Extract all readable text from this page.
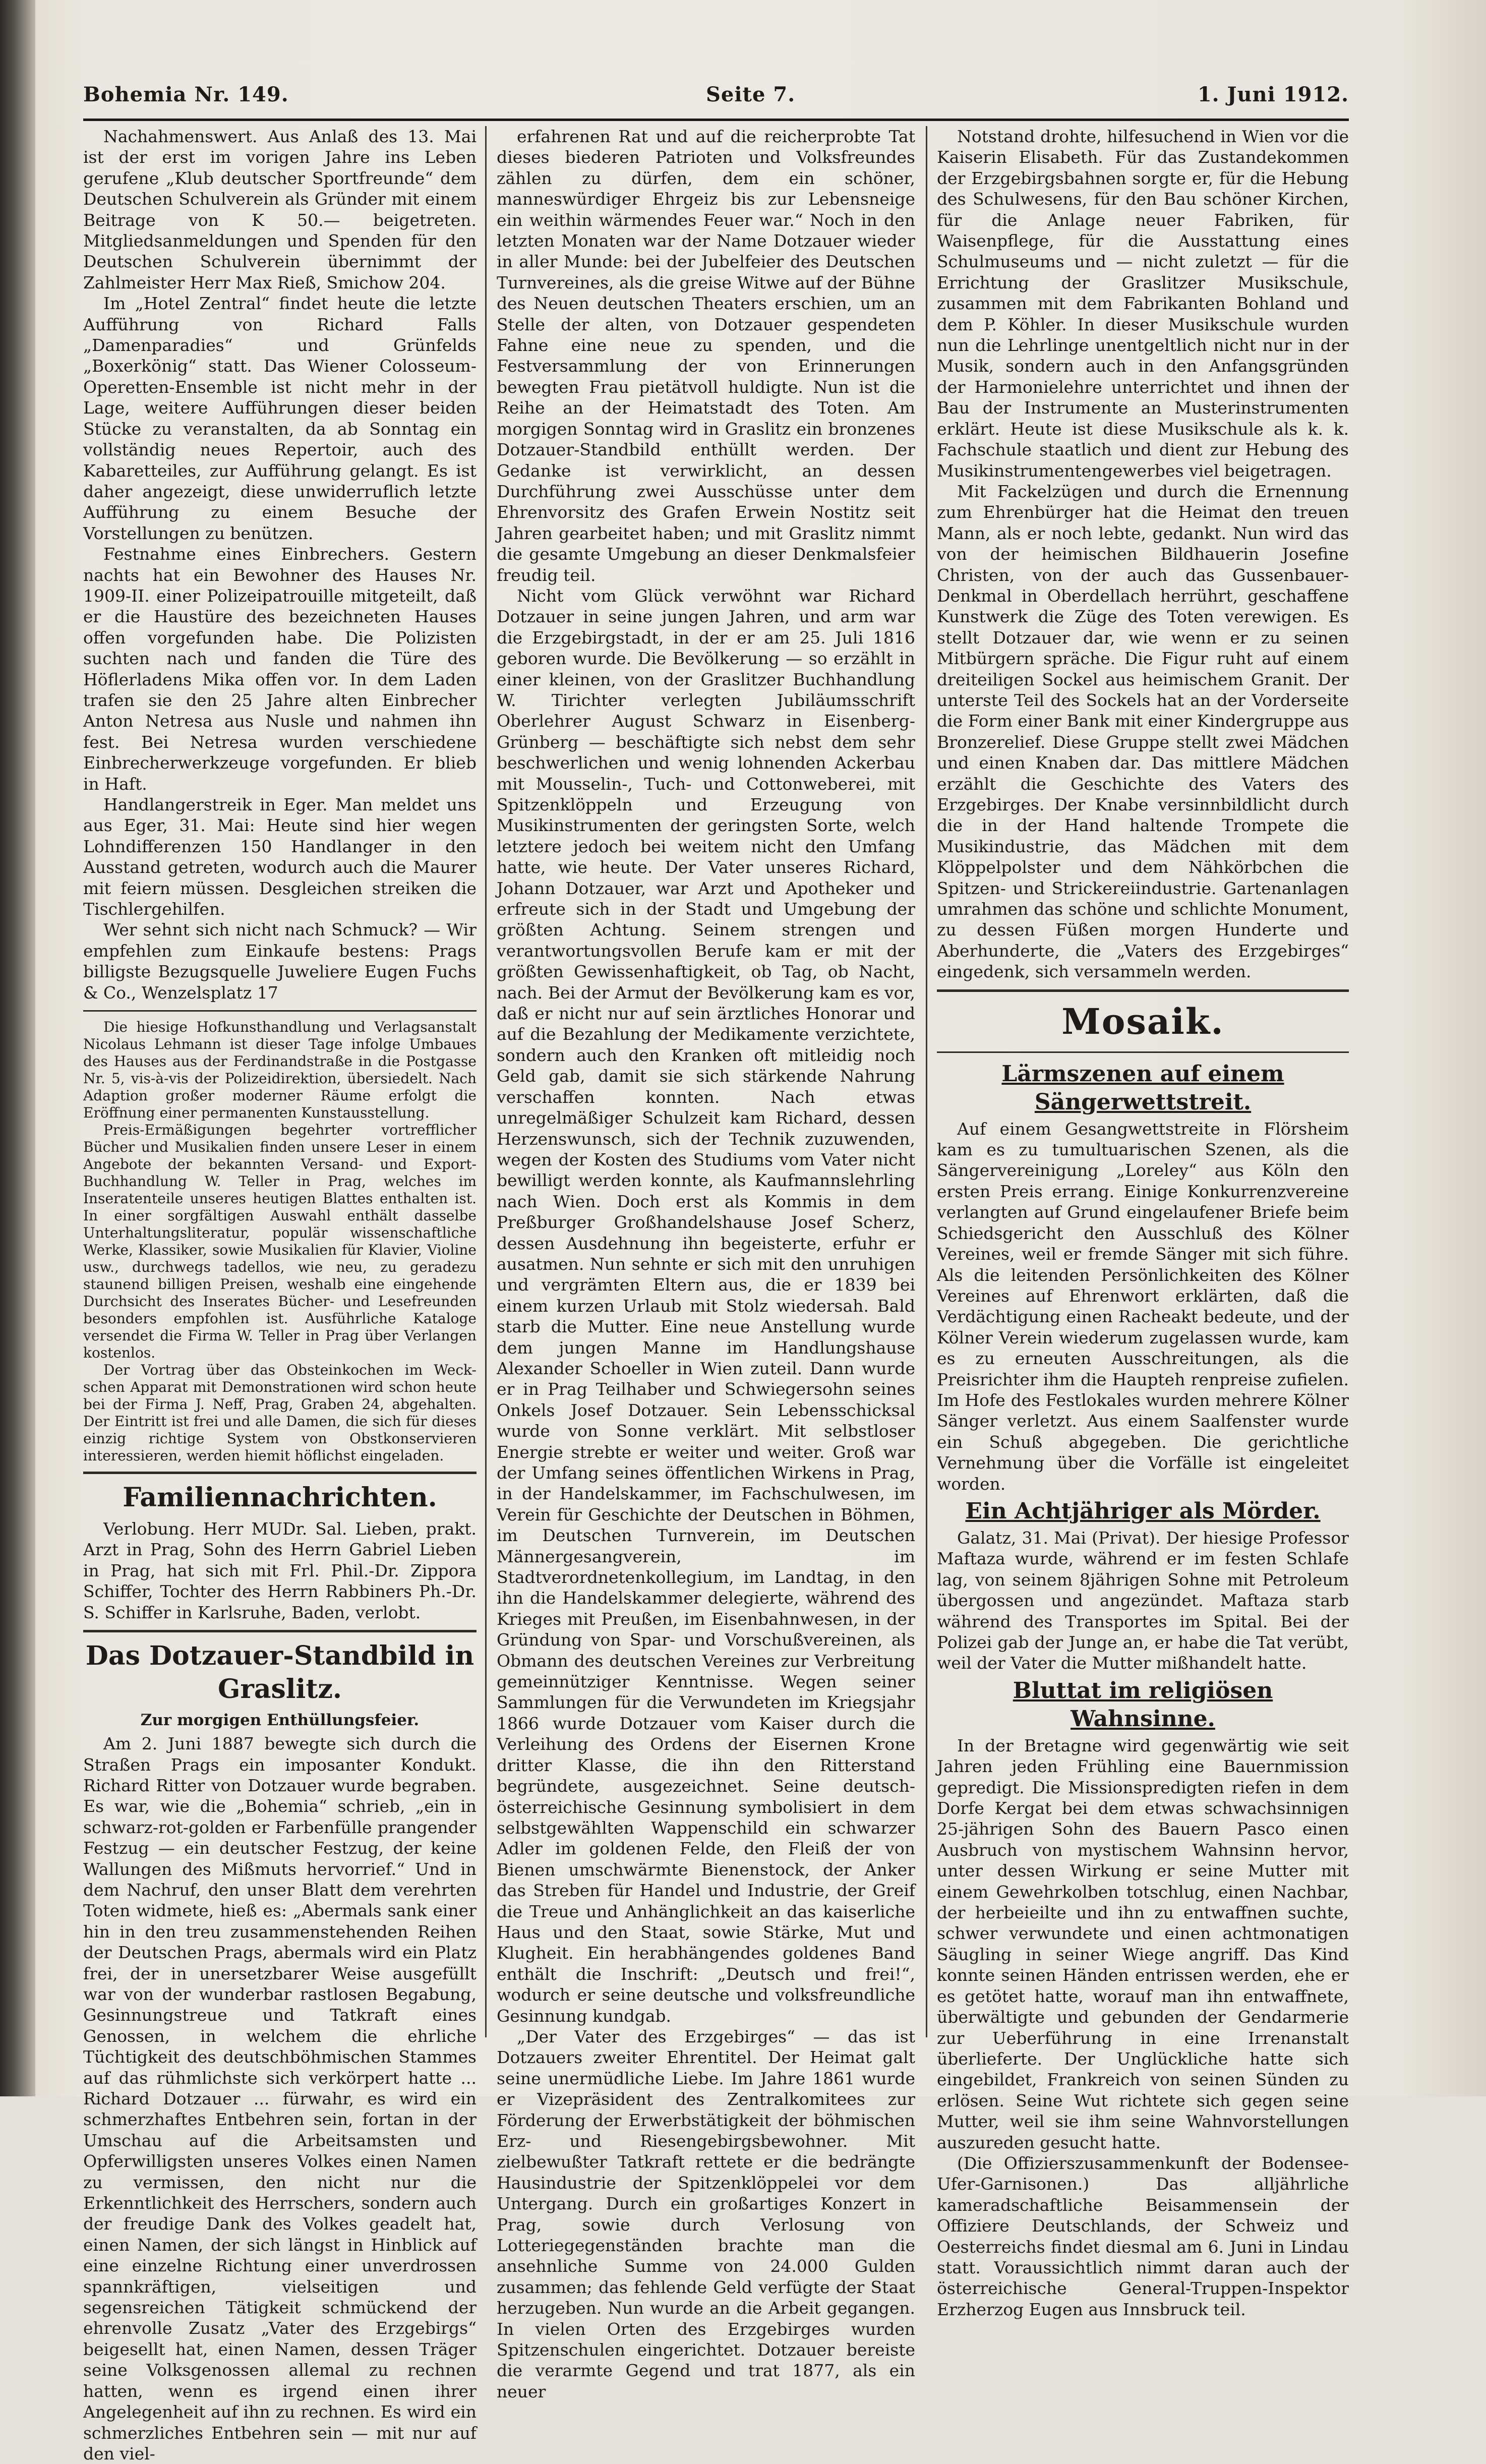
Bohemia Nr. 149.	Seite 7.	1. Juni 1912.

Nachahmenswert. Aus Anlaß des 13. Mai ist der erst im vorigen Jahre ins Leben gerufene „Klub deutscher Sportfreunde“ dem Deutschen Schulverein als Gründer mit einem Beitrage von K 50.— beigetreten. Mitgliedsanmeldungen und Spenden für den Deutschen Schulverein übernimmt der Zahlmeister Herr Max Rieß, Smichow 204.

Im „Hotel Zentral“ findet heute die letzte Aufführung von Richard Falls „Damenparadies“ und Grünfelds „Boxerkönig“ statt. Das Wiener Colosseum-Operetten-Ensemble ist nicht mehr in der Lage, weitere Aufführungen dieser beiden Stücke zu veranstalten, da ab Sonntag ein vollständig neues Repertoir, auch des Kabaretteiles, zur Aufführung gelangt. Es ist daher angezeigt, diese unwiderruflich letzte Aufführung zu einem Besuche der Vorstellungen zu benützen.

Festnahme eines Einbrechers. Gestern nachts hat ein Bewohner des Hauses Nr. 1909-II. einer Polizeipatrouille mitgeteilt, daß er die Haustüre des bezeichneten Hauses offen vorgefunden habe. Die Polizisten suchten nach und fanden die Türe des Höflerladens Mika offen vor. In dem Laden trafen sie den 25 Jahre alten Einbrecher Anton Netresa aus Nusle und nahmen ihn fest. Bei Netresa wurden verschiedene Einbrecherwerkzeuge vorgefunden. Er blieb in Haft.

Handlangerstreik in Eger. Man meldet uns aus Eger, 31. Mai: Heute sind hier wegen Lohndifferenzen 150 Handlanger in den Ausstand getreten, wodurch auch die Maurer mit feiern müssen. Desgleichen streiken die Tischlergehilfen.

Wer sehnt sich nicht nach Schmuck? — Wir empfehlen zum Einkaufe bestens: Prags billigste Bezugsquelle Juweliere Eugen Fuchs & Co., Wenzelsplatz 17

Die hiesige Hofkunsthandlung und Verlagsanstalt Nicolaus Lehmann ist dieser Tage infolge Umbaues des Hauses aus der Ferdinandstraße in die Postgasse Nr. 5, vis-à-vis der Polizeidirektion, übersiedelt. Nach Adaption großer moderner Räume erfolgt die Eröffnung einer permanenten Kunstausstellung.

Preis-Ermäßigungen begehrter vortrefflicher Bücher und Musikalien finden unsere Leser in einem Angebote der bekannten Versand- und Export-Buchhandlung W. Teller in Prag, welches im Inseratenteile unseres heutigen Blattes enthalten ist. In einer sorgfältigen Auswahl enthält dasselbe Unterhaltungsliteratur, populär wissenschaftliche Werke, Klassiker, sowie Musikalien für Klavier, Violine usw., durchwegs tadellos, wie neu, zu geradezu staunend billigen Preisen, weshalb eine eingehende Durchsicht des Inserates Bücher- und Lesefreunden besonders empfohlen ist. Ausführliche Kataloge versendet die Firma W. Teller in Prag über Verlangen kostenlos.

Der Vortrag über das Obsteinkochen im Weck-schen Apparat mit Demonstrationen wird schon heute bei der Firma J. Neff, Prag, Graben 24, abgehalten. Der Eintritt ist frei und alle Damen, die sich für dieses einzig richtige System von Obstkonservieren interessieren, werden hiemit höflichst eingeladen.

Familiennachrichten.

Verlobung. Herr MUDr. Sal. Lieben, prakt. Arzt in Prag, Sohn des Herrn Gabriel Lieben in Prag, hat sich mit Frl. Phil.-Dr. Zippora Schiffer, Tochter des Herrn Rabbiners Ph.-Dr. S. Schiffer in Karlsruhe, Baden, verlobt.

Das Dotzauer-Standbild in Graslitz.
Zur morgigen Enthüllungsfeier.

Am 2. Juni 1887 bewegte sich durch die Straßen Prags ein imposanter Kondukt. Richard Ritter von Dotzauer wurde begraben. Es war, wie die „Bohemia“ schrieb, „ein in schwarz-rot-golden er Farbenfülle prangender Festzug — ein deutscher Festzug, der keine Wallungen des Mißmuts hervorrief.“ Und in dem Nachruf, den unser Blatt dem verehrten Toten widmete, hieß es: „Abermals sank einer hin in den treu zusammenstehenden Reihen der Deutschen Prags, abermals wird ein Platz frei, der in unersetzbarer Weise ausgefüllt war von der wunderbar rastlosen Begabung, Gesinnungstreue und Tatkraft eines Genossen, in welchem die ehrliche Tüchtigkeit des deutschböhmischen Stammes auf das rühmlichste sich verkörpert hatte ... Richard Dotzauer ... fürwahr, es wird ein schmerzhaftes Entbehren sein, fortan in der Umschau auf die Arbeitsamsten und Opferwilligsten unseres Volkes einen Namen zu vermissen, den nicht nur die Erkenntlichkeit des Herrschers, sondern auch der freudige Dank des Volkes geadelt hat, einen Namen, der sich längst in Hinblick auf eine einzelne Richtung einer unverdrossen spannkräftigen, vielseitigen und segensreichen Tätigkeit schmückend der ehrenvolle Zusatz „Vater des Erzgebirgs“ beigesellt hat, einen Namen, dessen Träger seine Volksgenossen allemal zu rechnen hatten, wenn es irgend einen ihrer Angelegenheit auf ihn zu rechnen. Es wird ein schmerzliches Entbehren sein — mit nur auf den viel-

erfahrenen Rat und auf die reicherprobte Tat dieses biederen Patrioten und Volksfreundes zählen zu dürfen, dem ein schöner, manneswürdiger Ehrgeiz bis zur Lebensneige ein weithin wärmendes Feuer war.“ Noch in den letzten Monaten war der Name Dotzauer wieder in aller Munde: bei der Jubelfeier des Deutschen Turnvereines, als die greise Witwe auf der Bühne des Neuen deutschen Theaters erschien, um an Stelle der alten, von Dotzauer gespendeten Fahne eine neue zu spenden, und die Festversammlung der von Erinnerungen bewegten Frau pietätvoll huldigte. Nun ist die Reihe an der Heimatstadt des Toten. Am morgigen Sonntag wird in Graslitz ein bronzenes Dotzauer-Standbild enthüllt werden. Der Gedanke ist verwirklicht, an dessen Durchführung zwei Ausschüsse unter dem Ehrenvorsitz des Grafen Erwein Nostitz seit Jahren gearbeitet haben; und mit Graslitz nimmt die gesamte Umgebung an dieser Denkmalsfeier freudig teil.

Nicht vom Glück verwöhnt war Richard Dotzauer in seine jungen Jahren, und arm war die Erzgebirgstadt, in der er am 25. Juli 1816 geboren wurde. Die Bevölkerung — so erzählt in einer kleinen, von der Graslitzer Buchhandlung W. Tirichter verlegten Jubiläumsschrift Oberlehrer August Schwarz in Eisenberg-Grünberg — beschäftigte sich nebst dem sehr beschwerlichen und wenig lohnenden Ackerbau mit Mousselin-, Tuch- und Cottonweberei, mit Spitzenklöppeln und Erzeugung von Musikinstrumenten der geringsten Sorte, welch letztere jedoch bei weitem nicht den Umfang hatte, wie heute. Der Vater unseres Richard, Johann Dotzauer, war Arzt und Apotheker und erfreute sich in der Stadt und Umgebung der größten Achtung. Seinem strengen und verantwortungsvollen Berufe kam er mit der größten Gewissenhaftigkeit, ob Tag, ob Nacht, nach. Bei der Armut der Bevölkerung kam es vor, daß er nicht nur auf sein ärztliches Honorar und auf die Bezahlung der Medikamente verzichtete, sondern auch den Kranken oft mitleidig noch Geld gab, damit sie sich stärkende Nahrung verschaffen konnten. Nach etwas unregelmäßiger Schulzeit kam Richard, dessen Herzenswunsch, sich der Technik zuzuwenden, wegen der Kosten des Studiums vom Vater nicht bewilligt werden konnte, als Kaufmannslehrling nach Wien. Doch erst als Kommis in dem Preßburger Großhandelshause Josef Scherz, dessen Ausdehnung ihn begeisterte, erfuhr er ausatmen. Nun sehnte er sich mit den unruhigen und vergrämten Eltern aus, die er 1839 bei einem kurzen Urlaub mit Stolz wiedersah. Bald starb die Mutter. Eine neue Anstellung wurde dem jungen Manne im Handlungshause Alexander Schoeller in Wien zuteil. Dann wurde er in Prag Teilhaber und Schwiegersohn seines Onkels Josef Dotzauer. Sein Lebensschicksal wurde von Sonne verklärt. Mit selbstloser Energie strebte er weiter und weiter. Groß war der Umfang seines öffentlichen Wirkens in Prag, in der Handelskammer, im Fachschulwesen, im Verein für Geschichte der Deutschen in Böhmen, im Deutschen Turnverein, im Deutschen Männergesangverein, im Stadtverordnetenkollegium, im Landtag, in den ihn die Handelskammer delegierte, während des Krieges mit Preußen, im Eisenbahnwesen, in der Gründung von Spar- und Vorschußvereinen, als Obmann des deutschen Vereines zur Verbreitung gemeinnütziger Kenntnisse. Wegen seiner Sammlungen für die Verwundeten im Kriegsjahr 1866 wurde Dotzauer vom Kaiser durch die Verleihung des Ordens der Eisernen Krone dritter Klasse, die ihn den Ritterstand begründete, ausgezeichnet. Seine deutsch-österreichische Gesinnung symbolisiert in dem selbstgewählten Wappenschild ein schwarzer Adler im goldenen Felde, den Fleiß der von Bienen umschwärmte Bienenstock, der Anker das Streben für Handel und Industrie, der Greif die Treue und Anhänglichkeit an das kaiserliche Haus und den Staat, sowie Stärke, Mut und Klugheit. Ein herabhängendes goldenes Band enthält die Inschrift: „Deutsch und frei!“, wodurch er seine deutsche und volksfreundliche Gesinnung kundgab.

„Der Vater des Erzgebirges“ — das ist Dotzauers zweiter Ehrentitel. Der Heimat galt seine unermüdliche Liebe. Im Jahre 1861 wurde er Vizepräsident des Zentralkomitees zur Förderung der Erwerbstätigkeit der böhmischen Erz- und Riesengebirgsbewohner. Mit zielbewußter Tatkraft rettete er die bedrängte Hausindustrie der Spitzenklöppelei vor dem Untergang. Durch ein großartiges Konzert in Prag, sowie durch Verlosung von Lotteriegegenständen brachte man die ansehnliche Summe von 24.000 Gulden zusammen; das fehlende Geld verfügte der Staat herzugeben. Nun wurde an die Arbeit gegangen. In vielen Orten des Erzgebirges wurden Spitzenschulen eingerichtet. Dotzauer bereiste die verarmte Gegend und trat 1877, als ein neuer

Notstand drohte, hilfesuchend in Wien vor die Kaiserin Elisabeth. Für das Zustandekommen der Erzgebirgsbahnen sorgte er, für die Hebung des Schulwesens, für den Bau schöner Kirchen, für die Anlage neuer Fabriken, für Waisenpflege, für die Ausstattung eines Schulmuseums und — nicht zuletzt — für die Errichtung der Graslitzer Musikschule, zusammen mit dem Fabrikanten Bohland und dem P. Köhler. In dieser Musikschule wurden nun die Lehrlinge unentgeltlich nicht nur in der Musik, sondern auch in den Anfangsgründen der Harmonielehre unterrichtet und ihnen der Bau der Instrumente an Musterinstrumenten erklärt. Heute ist diese Musikschule als k. k. Fachschule staatlich und dient zur Hebung des Musikinstrumentengewerbes viel beigetragen.

Mit Fackelzügen und durch die Ernennung zum Ehrenbürger hat die Heimat den treuen Mann, als er noch lebte, gedankt. Nun wird das von der heimischen Bildhauerin Josefine Christen, von der auch das Gussenbauer-Denkmal in Oberdellach herrührt, geschaffene Kunstwerk die Züge des Toten verewigen. Es stellt Dotzauer dar, wie wenn er zu seinen Mitbürgern spräche. Die Figur ruht auf einem dreiteiligen Sockel aus heimischem Granit. Der unterste Teil des Sockels hat an der Vorderseite die Form einer Bank mit einer Kindergruppe aus Bronzerelief. Diese Gruppe stellt zwei Mädchen und einen Knaben dar. Das mittlere Mädchen erzählt die Geschichte des Vaters des Erzgebirges. Der Knabe versinnbildlicht durch die in der Hand haltende Trompete die Musikindustrie, das Mädchen mit dem Klöppelpolster und dem Nähkörbchen die Spitzen- und Strickereiindustrie. Gartenanlagen umrahmen das schöne und schlichte Monument, zu dessen Füßen morgen Hunderte und Aberhunderte, die „Vaters des Erzgebirges“ eingedenk, sich versammeln werden.

Mosaik.
Lärmszenen auf einem Sängerwettstreit.

Auf einem Gesangwettstreite in Flörsheim kam es zu tumultuarischen Szenen, als die Sängervereinigung „Loreley“ aus Köln den ersten Preis errang. Einige Konkurrenzvereine verlangten auf Grund eingelaufener Briefe beim Schiedsgericht den Ausschluß des Kölner Vereines, weil er fremde Sänger mit sich führe. Als die leitenden Persönlichkeiten des Kölner Vereines auf Ehrenwort erklärten, daß die Verdächtigung einen Racheakt bedeute, und der Kölner Verein wiederum zugelassen wurde, kam es zu erneuten Ausschreitungen, als die Preisrichter ihm die Haupteh renpreise zufielen. Im Hofe des Festlokales wurden mehrere Kölner Sänger verletzt. Aus einem Saalfenster wurde ein Schuß abgegeben. Die gerichtliche Vernehmung über die Vorfälle ist eingeleitet worden.

Ein Achtjähriger als Mörder.

Galatz, 31. Mai (Privat). Der hiesige Professor Maftaza wurde, während er im festen Schlafe lag, von seinem 8jährigen Sohne mit Petroleum übergossen und angezündet. Maftaza starb während des Transportes im Spital. Bei der Polizei gab der Junge an, er habe die Tat verübt, weil der Vater die Mutter mißhandelt hatte.

Bluttat im religiösen Wahnsinne.

In der Bretagne wird gegenwärtig wie seit Jahren jeden Frühling eine Bauernmission gepredigt. Die Missionspredigten riefen in dem Dorfe Kergat bei dem etwas schwachsinnigen 25-jährigen Sohn des Bauern Pasco einen Ausbruch von mystischem Wahnsinn hervor, unter dessen Wirkung er seine Mutter mit einem Gewehrkolben totschlug, einen Nachbar, der herbeieilte und ihn zu entwaffnen suchte, schwer verwundete und einen achtmonatigen Säugling in seiner Wiege angriff. Das Kind konnte seinen Händen entrissen werden, ehe er es getötet hatte, worauf man ihn entwaffnete, überwältigte und gebunden der Gendarmerie zur Ueberführung in eine Irrenanstalt überlieferte. Der Unglückliche hatte sich eingebildet, Frankreich von seinen Sünden zu erlösen. Seine Wut richtete sich gegen seine Mutter, weil sie ihm seine Wahnvorstellungen auszureden gesucht hatte.

(Die Offizierszusammenkunft der Bodensee-Ufer-Garnisonen.) Das alljährliche kameradschaftliche Beisammensein der Offiziere Deutschlands, der Schweiz und Oesterreichs findet diesmal am 6. Juni in Lindau statt. Voraussichtlich nimmt daran auch der österreichische General-Truppen-Inspektor Erzherzog Eugen aus Innsbruck teil.
